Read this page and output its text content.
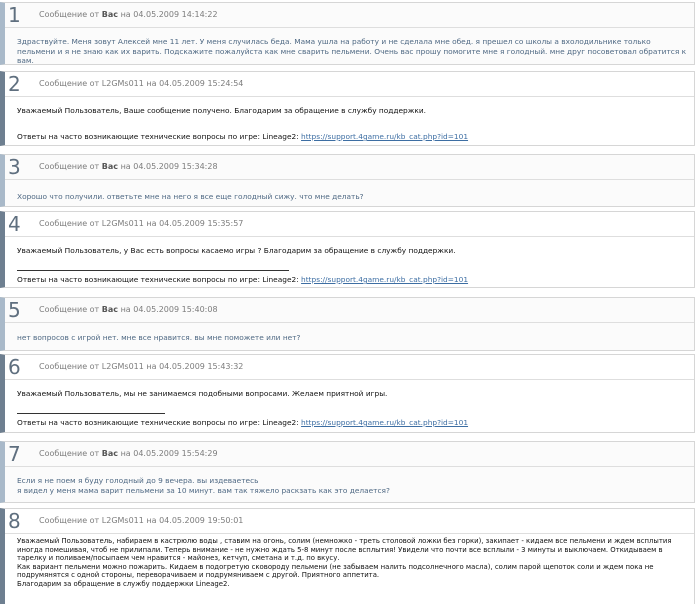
1 Сообщение от Вас на 04.05.2009 14:14:22

Здраствуйте. Меня зовут Алексей мне 11 лет. У меня случилась беда. Мама ушла на работу и не сделала мне обед. я прешел со школы а вхолодильнике только пельмени и я не знаю как их варить. Подскажите пожалуйста как мне сварить пельмени. Очень вас прошу помогите мне я голодный. мне друг посоветовал обратится к вам.

2 Сообщение от L2GMs011 на 04.05.2009 15:24:54

Уважаемый Пользователь, Ваше сообщение получено. Благодарим за обращение в службу поддержки.

Ответы на часто возникающие технические вопросы по игре: Lineage2: https://support.4game.ru/kb_cat.php?id=101
3 Сообщение от Вас на 04.05.2009 15:34:28

Хорошо что получили. ответьте мне на него я все еще голодный сижу. что мне делать?

4 Сообщение от L2GMs011 на 04.05.2009 15:35:57

Уважаемый Пользователь, у Вас есть вопросы касаемо игры ? Благодарим за обращение в службу поддержки.

Ответы на часто возникающие технические вопросы по игре: Lineage2: https://support.4game.ru/kb_cat.php?id=101
5 Сообщение от Вас на 04.05.2009 15:40:08

нет вопросов с игрой нет. мне все нравится. вы мне поможете или нет?

6 Сообщение от L2GMs011 на 04.05.2009 15:43:32

Уважаемый Пользователь, мы не занимаемся подобными вопросами. Желаем приятной игры.

Ответы на часто возникающие технические вопросы по игре: Lineage2: https://support.4game.ru/kb_cat.php?id=101
7 Сообщение от Вас на 04.05.2009 15:54:29

Если я не поем я буду голодный до 9 вечера. вы издеваетесь

я видел у меня мама варит пельмени за 10 минут. вам так тяжело раскзать как это делается?

8 Сообщение от L2GMs011 на 04.05.2009 19:50:01

Уважаемый Пользователь, набираем в кастрюлю воды , ставим на огонь, солим (немножко - треть столовой ложки без горки), закипает - кидаем все пельмени и ждем всплытия иногда помешивая, чтоб не прилипали. Теперь внимание - не нужно ждать 5-8 минут после всплытия! Увидели что почти все всплыли - 3 минуты и выключаем. Откидываем в тарелку и поливаем/посыпаем чем нравится - майонез, кетчуп, сметана и т.д. по вкусу.

Как вариант пельмени можно пожарить. Кидаем в подогретую сковороду пельмени (не забываем налить подсолнечного масла), солим парой щепоток соли и ждем пока не подрумянятся с одной стороны, переворачиваем и подрумяниваем с другой. Приятного аппетита.

Благодарим за обращение в службу поддержки Lineage2.
